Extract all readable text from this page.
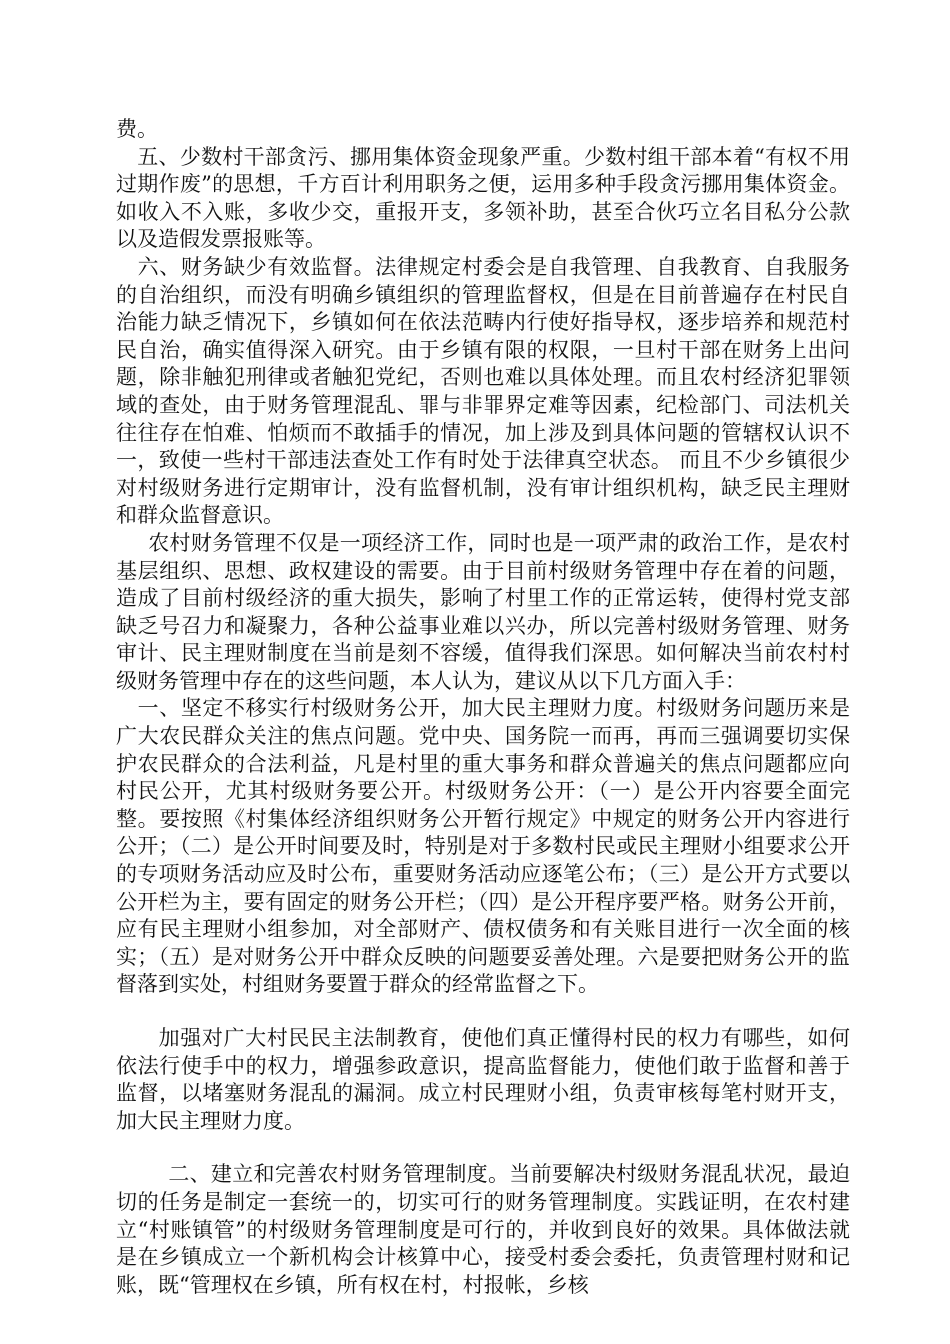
费。

五、少数村干部贪污、挪用集体资金现象严重。少数村组干部本着“有权不用过期作废”的思想，千方百计利用职务之便，运用多种手段贪污挪用集体资金。如收入不入账，多收少交，重报开支，多领补助，甚至合伙巧立名目私分公款以及造假发票报账等。

六、财务缺少有效监督。法律规定村委会是自我管理、自我教育、自我服务的自治组织，而没有明确乡镇组织的管理监督权，但是在目前普遍存在村民自治能力缺乏情况下，乡镇如何在依法范畴内行使好指导权，逐步培养和规范村民自治，确实值得深入研究。由于乡镇有限的权限，一旦村干部在财务上出问题，除非触犯刑律或者触犯党纪，否则也难以具体处理。而且农村经济犯罪领域的查处，由于财务管理混乱、罪与非罪界定难等因素，纪检部门、司法机关往往存在怕难、怕烦而不敢插手的情况，加上涉及到具体问题的管辖权认识不一，致使一些村干部违法查处工作有时处于法律真空状态。 而且不少乡镇很少对村级财务进行定期审计，没有监督机制，没有审计组织机构，缺乏民主理财和群众监督意识。

农村财务管理不仅是一项经济工作，同时也是一项严肃的政治工作，是农村基层组织、思想、政权建设的需要。由于目前村级财务管理中存在着的问题，造成了目前村级经济的重大损失，影响了村里工作的正常运转，使得村党支部缺乏号召力和凝聚力，各种公益事业难以兴办，所以完善村级财务管理、财务审计、民主理财制度在当前是刻不容缓，值得我们深思。如何解决当前农村村级财务管理中存在的这些问题，本人认为，建议从以下几方面入手：

一、坚定不移实行村级财务公开，加大民主理财力度。村级财务问题历来是广大农民群众关注的焦点问题。党中央、国务院一而再，再而三强调要切实保护农民群众的合法利益，凡是村里的重大事务和群众普遍关的焦点问题都应向村民公开，尤其村级财务要公开。村级财务公开：（一）是公开内容要全面完整。要按照《村集体经济组织财务公开暂行规定》中规定的财务公开内容进行公开；（二）是公开时间要及时，特别是对于多数村民或民主理财小组要求公开的专项财务活动应及时公布，重要财务活动应逐笔公布；（三）是公开方式要以公开栏为主，要有固定的财务公开栏；（四）是公开程序要严格。财务公开前，应有民主理财小组参加，对全部财产、债权债务和有关账目进行一次全面的核实；（五）是对财务公开中群众反映的问题要妥善处理。六是要把财务公开的监督落到实处，村组财务要置于群众的经常监督之下。

加强对广大村民民主法制教育，使他们真正懂得村民的权力有哪些，如何依法行使手中的权力，增强参政意识，提高监督能力，使他们敢于监督和善于监督，以堵塞财务混乱的漏洞。成立村民理财小组，负责审核每笔村财开支，加大民主理财力度。

二、建立和完善农村财务管理制度。当前要解决村级财务混乱状况，最迫切的任务是制定一套统一的，切实可行的财务管理制度。实践证明，在农村建立“村账镇管”的村级财务管理制度是可行的，并收到良好的效果。具体做法就是在乡镇成立一个新机构会计核算中心，接受村委会委托，负责管理村财和记账，既“管理权在乡镇，所有权在村，村报帐，乡核
